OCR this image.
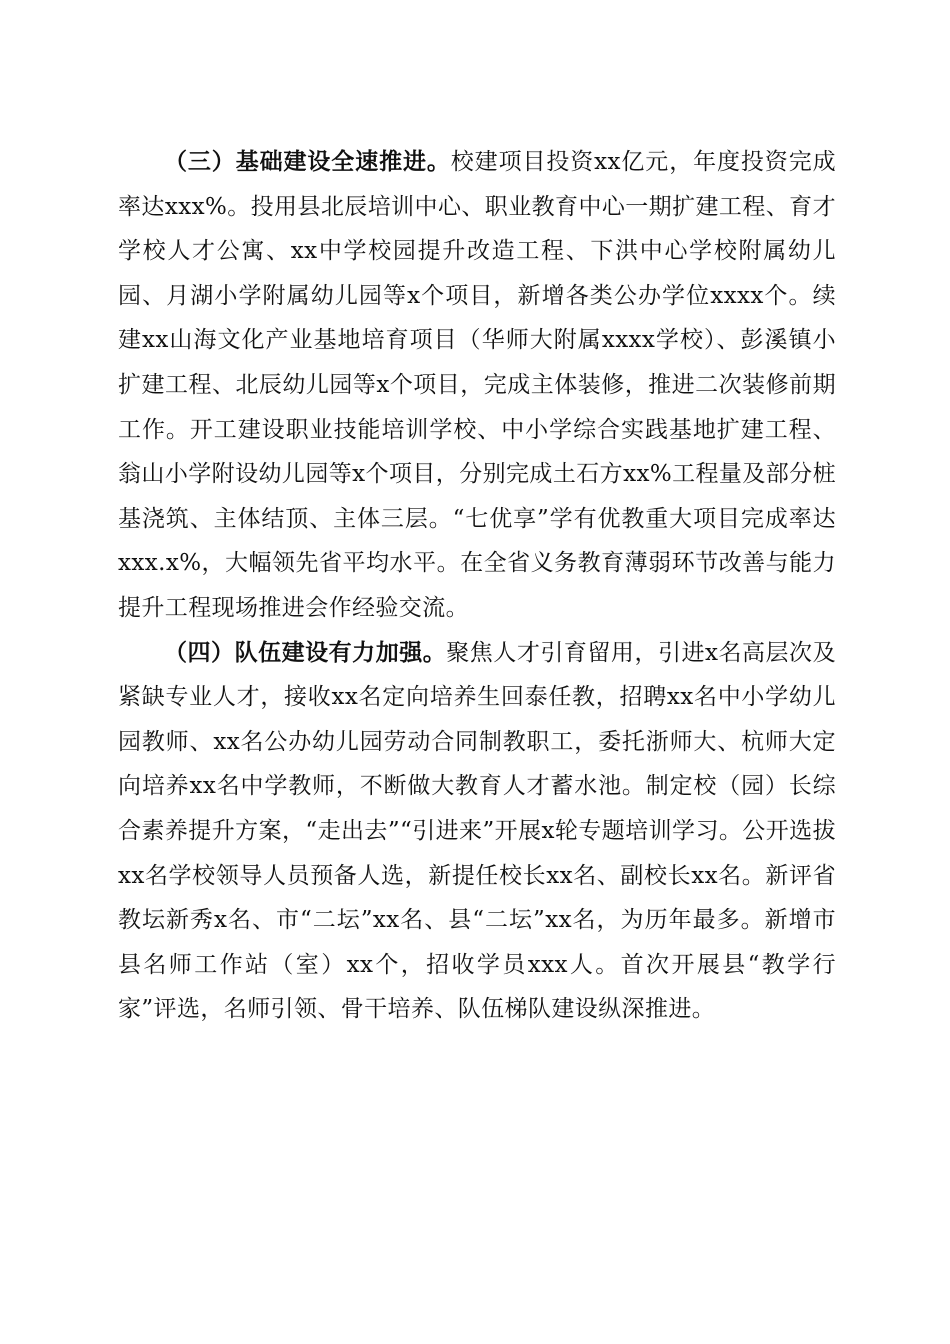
（三）基础建设全速推进。校建项目投资xx亿元，年度投资完成率达xxx%。投用县北辰培训中心、职业教育中心一期扩建工程、育才学校人才公寓、xx中学校园提升改造工程、下洪中心学校附属幼儿园、月湖小学附属幼儿园等x个项目，新增各类公办学位xxxx个。续建xx山海文化产业基地培育项目（华师大附属xxxx学校）、彭溪镇小扩建工程、北辰幼儿园等x个项目，完成主体装修，推进二次装修前期工作。开工建设职业技能培训学校、中小学综合实践基地扩建工程、翁山小学附设幼儿园等x个项目，分别完成土石方xx%工程量及部分桩基浇筑、主体结顶、主体三层。“七优享”学有优教重大项目完成率达xxx.x%，大幅领先省平均水平。在全省义务教育薄弱环节改善与能力提升工程现场推进会作经验交流。

（四）队伍建设有力加强。聚焦人才引育留用，引进x名高层次及紧缺专业人才，接收xx名定向培养生回泰任教，招聘xx名中小学幼儿园教师、xx名公办幼儿园劳动合同制教职工，委托浙师大、杭师大定向培养xx名中学教师，不断做大教育人才蓄水池。制定校（园）长综合素养提升方案，“走出去”“引进来”开展x轮专题培训学习。公开选拔xx名学校领导人员预备人选，新提任校长xx名、副校长xx名。新评省教坛新秀x名、市“二坛”xx名、县“二坛”xx名，为历年最多。新增市县名师工作站（室）xx个，招收学员xxx人。首次开展县“教学行家”评选，名师引领、骨干培养、队伍梯队建设纵深推进。
